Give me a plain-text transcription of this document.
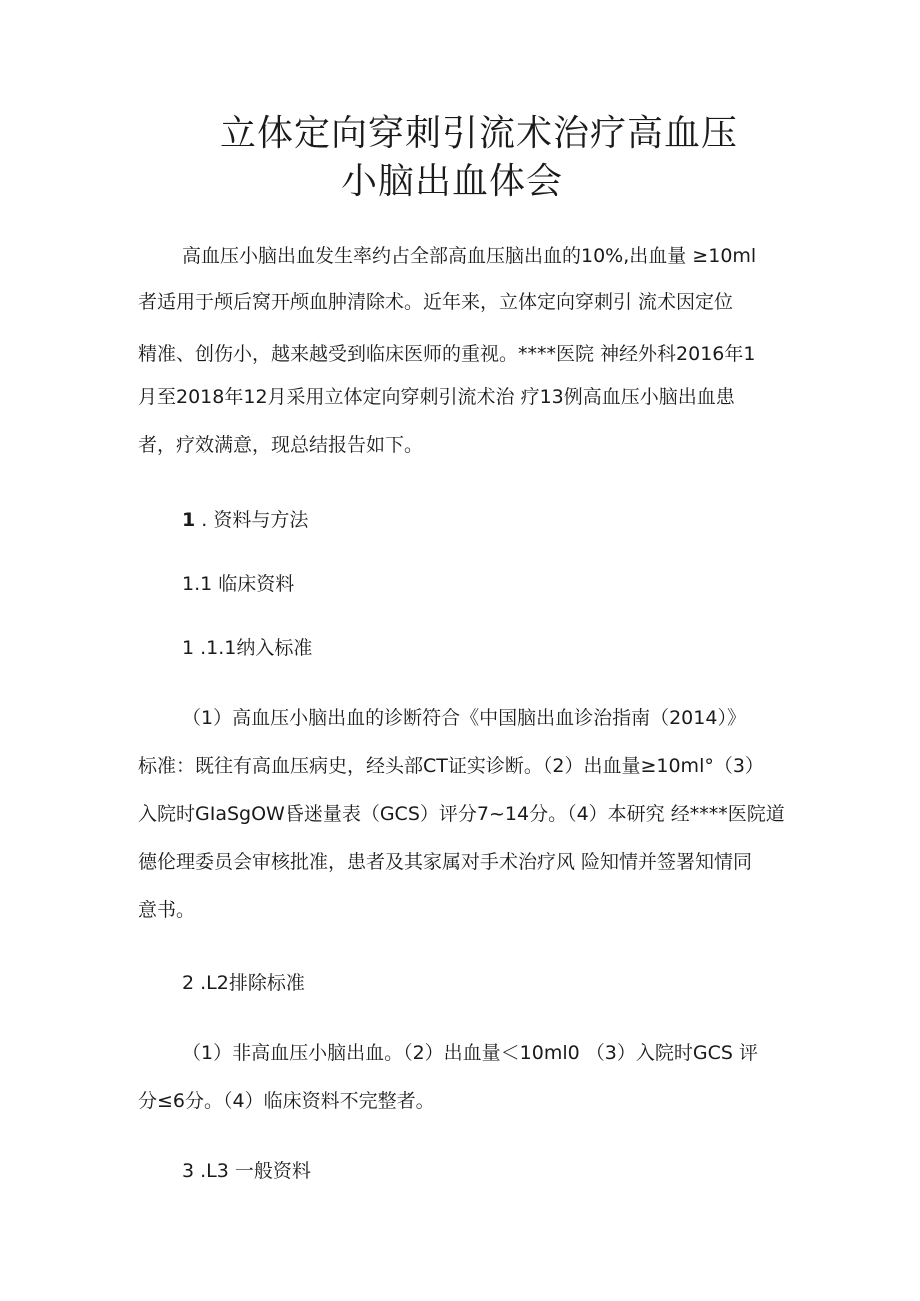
立体定向穿刺引流术治疗高血压
小脑出血体会
高血压小脑出血发生率约占全部高血压脑出血的10%,出血量 ≥10ml
者适用于颅后窝开颅血肿清除术。近年来，立体定向穿刺引 流术因定位
精准、创伤小，越来越受到临床医师的重视。****医院 神经外科2016年1
月至2018年12月采用立体定向穿刺引流术治 疗13例高血压小脑出血患
者，疗效满意，现总结报告如下。
1 . 资料与方法
1.1 临床资料
1 .1.1纳入标准
（1）高血压小脑出血的诊断符合《中国脑出血诊治指南（2014）》
标准：既往有高血压病史，经头部CT证实诊断。（2）出血量≥10ml°（3）
入院时GIaSgOW昏迷量表（GCS）评分7~14分。（4）本研究 经****医院道
德伦理委员会审核批准，患者及其家属对手术治疗风 险知情并签署知情同
意书。
2 .L2排除标准
（1）非高血压小脑出血。（2）出血量＜10ml0 （3）入院时GCS 评
分≤6分。（4）临床资料不完整者。
3 .L3 一般资料
